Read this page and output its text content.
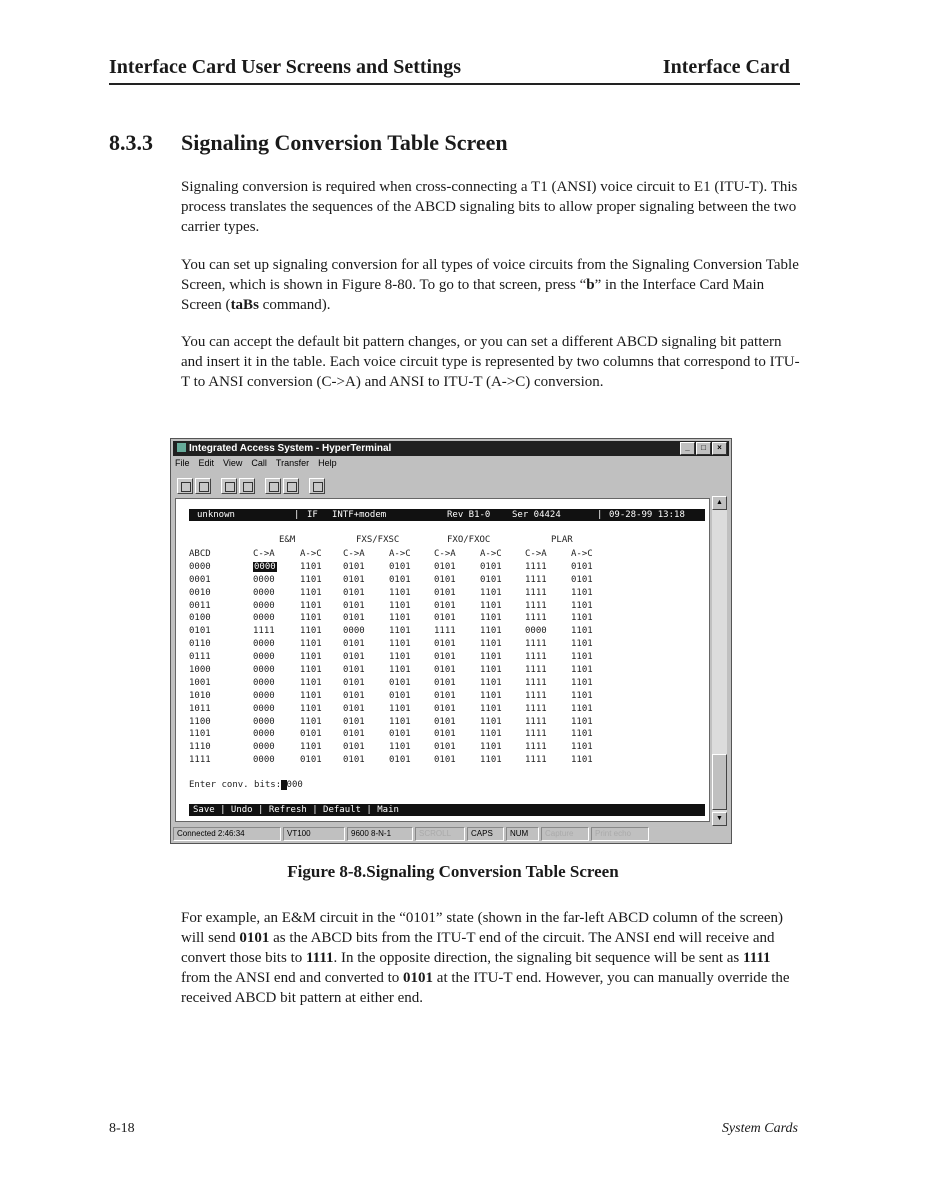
Interface Card User Screens and Settings	Interface Card
8.3.3 Signaling Conversion Table Screen

Signaling conversion is required when cross-connecting a T1 (ANSI) voice circuit to E1 (ITU-T). This process translates the sequences of the ABCD signaling bits to allow proper signaling between the two carrier types.

You can set up signaling conversion for all types of voice circuits from the Signaling Conversion Table Screen, which is shown in Figure 8-80. To go to that screen, press “b” in the Interface Card Main Screen (taBs command).

You can accept the default bit pattern changes, or you can set a different ABCD signaling bit pattern and insert it in the table. Each voice circuit type is represented by two columns that correspond to ITU-T to ANSI conversion (C->A) and ANSI to ITU-T (A->C) conversion.

Integrated Access System - HyperTerminal	_	□	×
File Edit View Call Transfer Help
unknown	| IF INTF+modem	Rev B1-0 Ser 04424	| 09-28-99 13:18
E&M	FXS/FXSC	FXO/FXOC	PLAR
ABCD	C->A	A->C C->A	A->C	C->A	A->C	C->A	A->C
0000	0000	1101 0101	0101	0101	0101	1111	0101
0001	0000	1101 0101	0101	0101	0101	1111	0101
0010	0000	1101 0101	1101	0101	1101	1111	1101
0011	0000	1101 0101	1101	0101	1101	1111	1101
0100	0000	1101 0101	1101	0101	1101	1111	1101
0101	1111	1101 0000	1101	1111	1101	0000	1101
0110	0000	1101 0101	1101	0101	1101	1111	1101
0111	0000	1101 0101	1101	0101	1101	1111	1101
1000	0000	1101 0101	1101	0101	1101	1111	1101
1001	0000	1101 0101	0101	0101	1101	1111	1101
1010	0000	1101 0101	0101	0101	1101	1111	1101
1011	0000	1101 0101	1101	0101	1101	1111	1101
1100	0000	1101 0101	1101	0101	1101	1111	1101
1101	0000	0101 0101	0101	0101	1101	1111	1101
1110	0000	1101 0101	1101	0101	1101	1111	1101
1111	0000	0101 0101	0101	0101	1101	1111	1101
Enter conv. bits:0000
Save | Undo | Refresh | Default | Main
▲
▼
Connected 2:46:34	VT100	9600 8-N-1	SCROLL	CAPS	NUM	Capture	Print echo
Figure 8-8.Signaling Conversion Table Screen

For example, an E&M circuit in the “0101” state (shown in the far-left ABCD column of the screen) will send 0101 as the ABCD bits from the ITU-T end of the circuit. The ANSI end will receive and convert those bits to 1111. In the opposite direction, the signaling bit sequence will be sent as 1111 from the ANSI end and converted to 0101 at the ITU-T end. However, you can manually override the received ABCD bit pattern at either end.

8-18	System Cards
